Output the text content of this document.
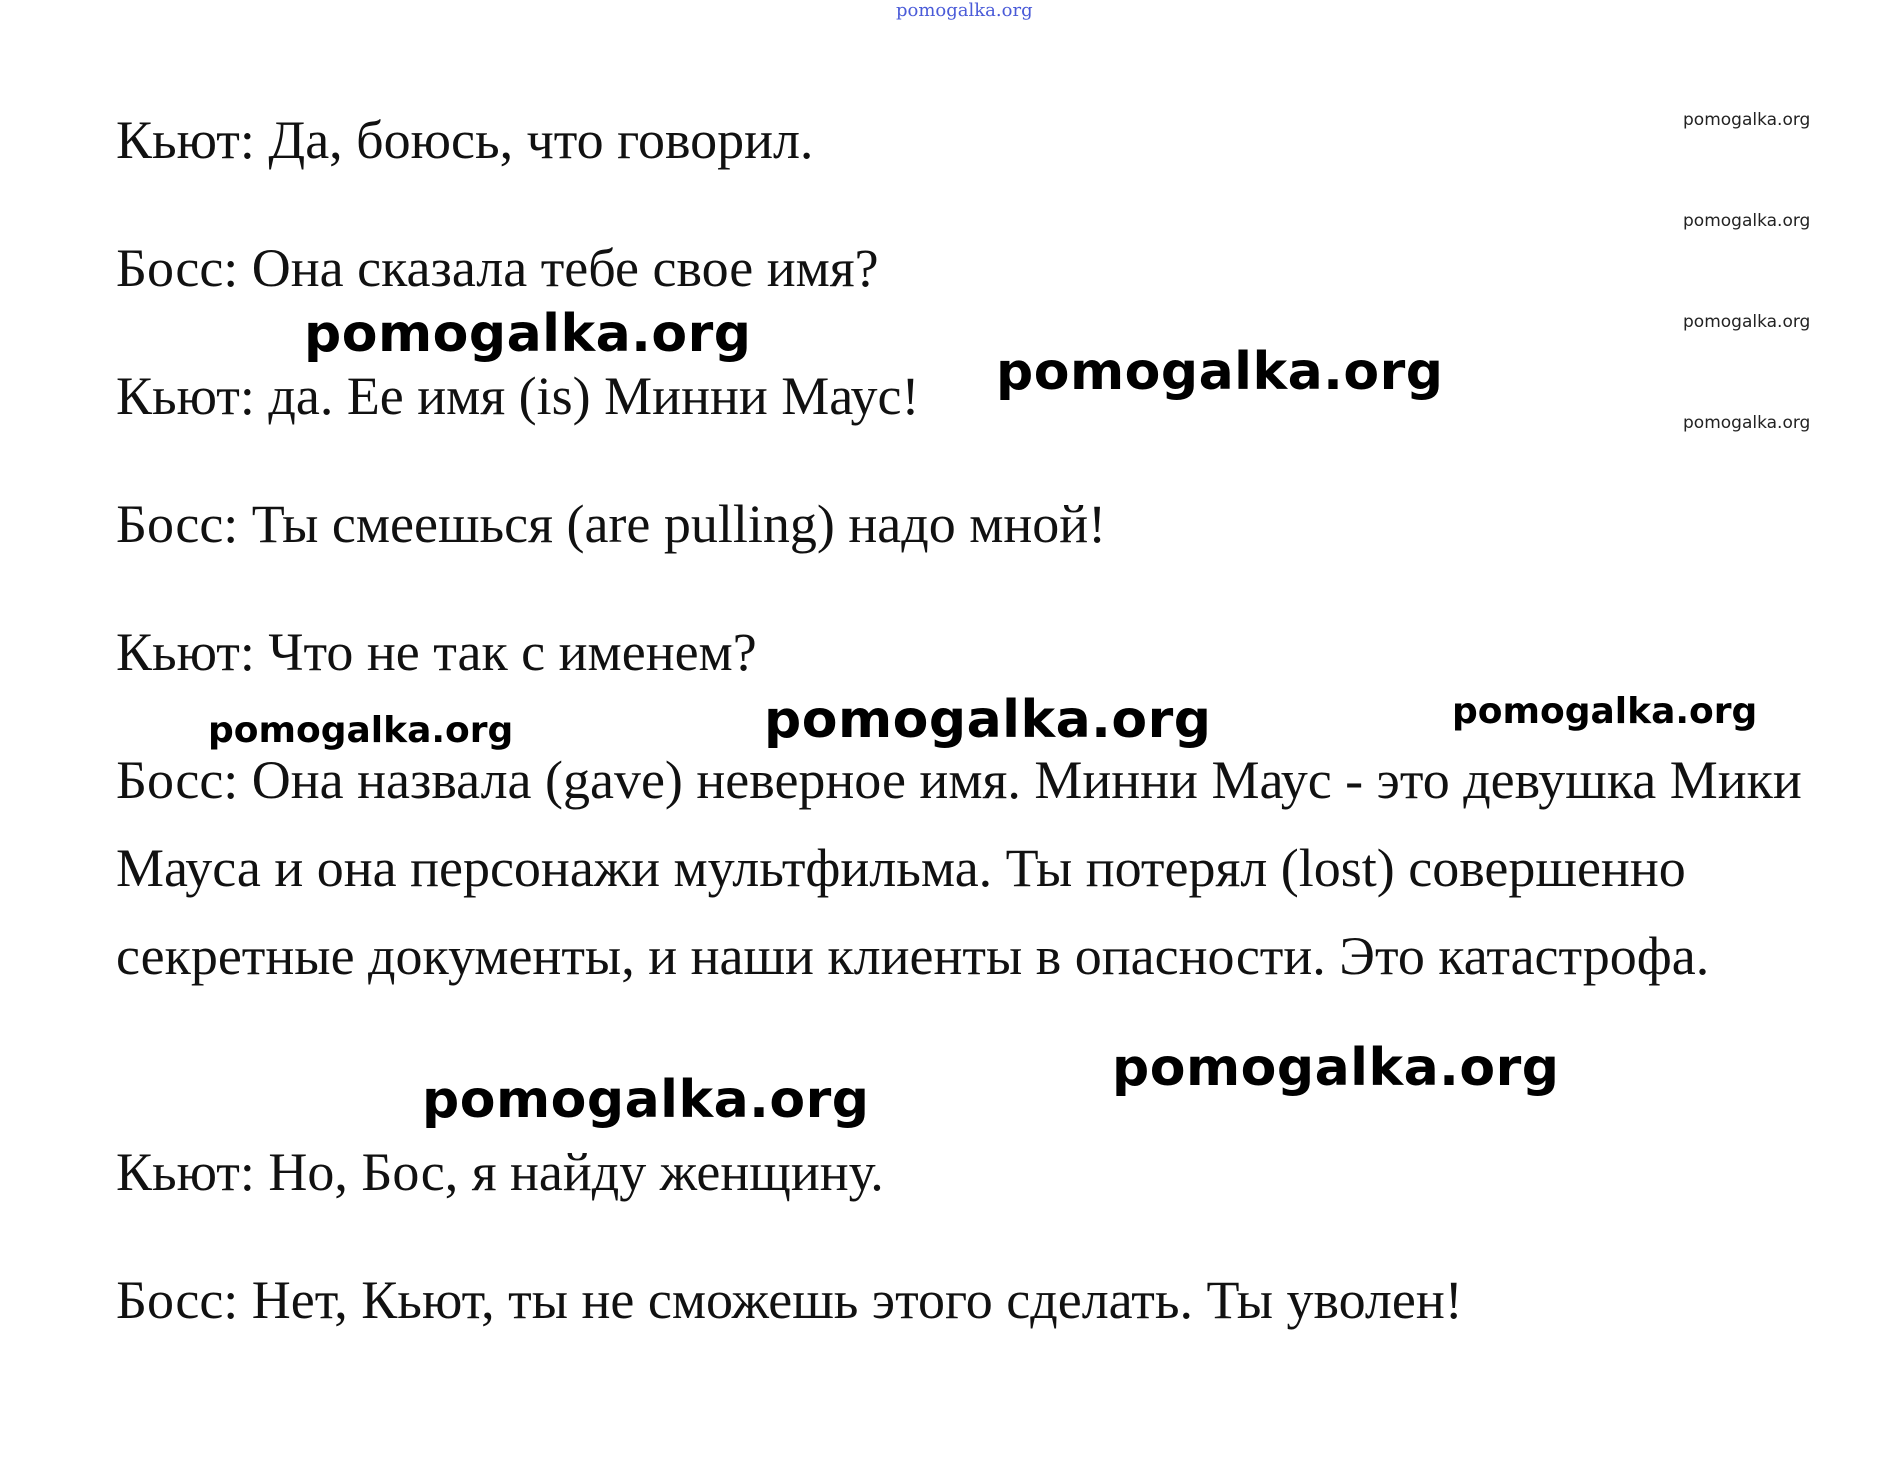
pomogalka.org
pomogalka.org
pomogalka.org
pomogalka.org
pomogalka.org

Кьют: Да, боюсь, что говорил.

Босс: Она сказала тебе свое имя?

Кьют: да. Ее имя (is) Минни Маус!

Босс: Ты смеешься (are pulling) надо мной!

Кьют: Что не так с именем?

Босс: Она назвала (gave) неверное имя. Минни Маус - это девушка Мики Мауса и она персонажи мультфильма. Ты потерял (lost) совершенно секретные документы, и наши клиенты в опасности. Это катастрофа.

Кьют: Но, Бос, я найду женщину.

Босс: Нет, Кьют, ты не сможешь этого сделать. Ты уволен!

pomogalka.org
pomogalka.org
pomogalka.org	pomogalka.org	pomogalka.org
pomogalka.org
pomogalka.org
